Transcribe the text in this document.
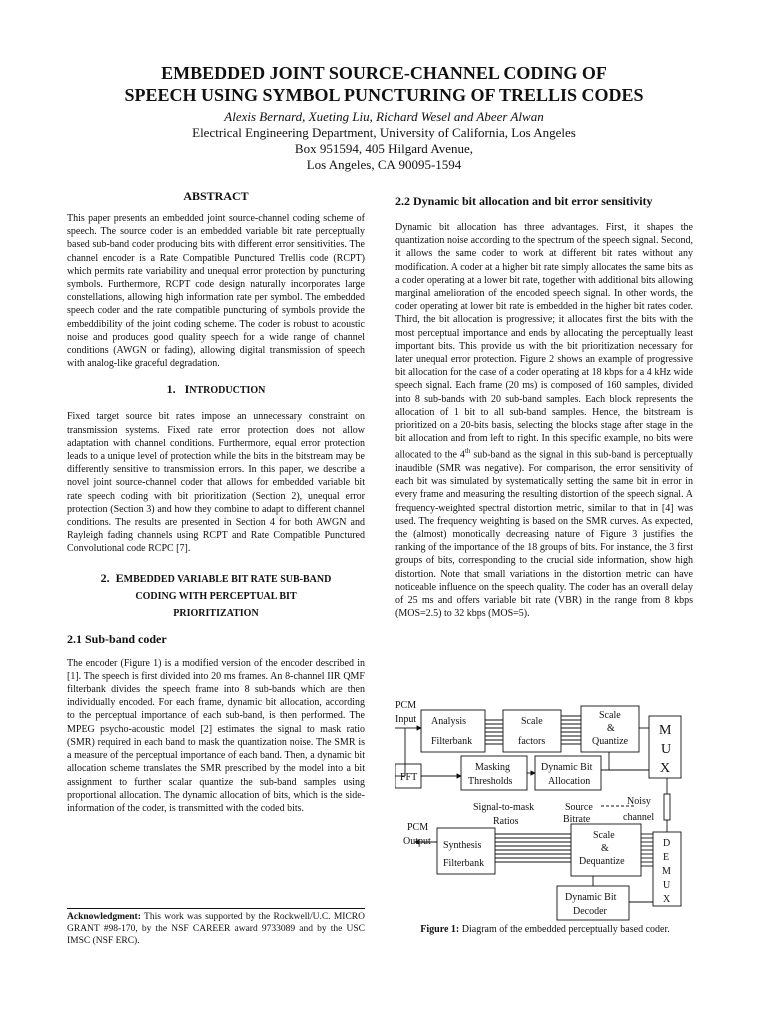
EMBEDDED JOINT SOURCE-CHANNEL CODING OF
SPEECH USING SYMBOL PUNCTURING OF TRELLIS CODES
Alexis Bernard, Xueting Liu, Richard Wesel and Abeer Alwan
Electrical Engineering Department, University of California, Los Angeles
Box 951594, 405 Hilgard Avenue,
Los Angeles, CA 90095-1594
ABSTRACT

This paper presents an embedded joint source-channel coding scheme of speech. The source coder is an embedded variable bit rate perceptually based sub-band coder producing bits with different error sensitivities. The channel encoder is a Rate Compatible Punctured Trellis code (RCPT) which permits rate variability and unequal error protection by puncturing symbols. Furthermore, RCPT code design naturally incorporates large constellations, allowing high information rate per symbol. The embedded speech coder and the rate compatible puncturing of symbols provide the embeddibility of the joint coding scheme. The coder is robust to acoustic noise and produces good quality speech for a wide range of channel conditions (AWGN or fading), allowing digital transmission of speech with analog-like graceful degradation.

1. INTRODUCTION

Fixed target source bit rates impose an unnecessary constraint on transmission systems. Fixed rate error protection does not allow adaptation with channel conditions. Furthermore, equal error protection leads to a unique level of protection while the bits in the bitstream may be differently sensitive to transmission errors. In this paper, we describe a novel joint source-channel coder that allows for embedded variable bit rate speech coding with bit prioritization (Section 2), unequal error protection (Section 3) and how they combine to adapt to different channel conditions. The results are presented in Section 4 for both AWGN and Rayleigh fading channels using RCPT and Rate Compatible Punctured Convolutional code RCPC [7].

2. EMBEDDED VARIABLE BIT RATE SUB-BAND
CODING WITH PERCEPTUAL BIT
PRIORITIZATION
2.1 Sub-band coder

The encoder (Figure 1) is a modified version of the encoder described in [1]. The speech is first divided into 20 ms frames. An 8-channel IIR QMF filterbank divides the speech frame into 8 sub-bands which are then individually encoded. For each frame, dynamic bit allocation, according to the perceptual importance of each sub-band, is then performed. The MPEG psycho-acoustic model [2] estimates the signal to mask ratio (SMR) required in each band to mask the quantization noise. The SMR is a measure of the perceptual importance of each band. Then, a dynamic bit allocation scheme translates the SMR prescribed by the model into a bit assignment to further scalar quantize the sub-band samples using proportional allocation. The dynamic allocation of bits, which is the side-information of the coder, is transmitted with the coded bits.

Acknowledgment: This work was supported by the Rockwell/U.C. MICRO GRANT #98-170, by the NSF CAREER award 9733089 and by the USC IMSC (NSF ERC).
2.2 Dynamic bit allocation and bit error sensitivity

Dynamic bit allocation has three advantages. First, it shapes the quantization noise according to the spectrum of the speech signal. Second, it allows the same coder to work at different bit rates without any modification. A coder at a higher bit rate simply allocates the same bits as a coder operating at a lower bit rate, together with additional bits allowing marginal amelioration of the encoded speech signal. In other words, the coder operating at lower bit rate is embedded in the higher bit rates coder. Third, the bit allocation is progressive; it allocates first the bits with the most perceptual importance and ends by allocating the perceptually least important bits. This provide us with the bit prioritization necessary for later unequal error protection. Figure 2 shows an example of progressive bit allocation for the case of a coder operating at 18 kbps for a 4 kHz wide speech signal. Each frame (20 ms) is composed of 160 samples, divided into 8 sub-bands with 20 sub-band samples. Each block represents the allocation of 1 bit to all sub-band samples. Hence, the bitstream is prioritized on a 20-bits basis, selecting the blocks stage after stage in the bit allocation and from left to right. In this specific example, no bits were allocated to the 4th sub-band as the signal in this sub-band is perceptually inaudible (SMR was negative). For comparison, the error sensitivity of each bit was simulated by systematically setting the same bit in error in every frame and measuring the resulting distortion of the speech signal. A frequency-weighted spectral distortion metric, similar to that in [4] was used. The frequency weighting is based on the SMR curves. As expected, the (almost) monotically decreasing nature of Figure 3 justifies the ranking of the importance of the 18 groups of bits. For instance, the 3 first groups of bits, corresponding to the crucial side information, show high distortion. Note that small variations in the distortion metric can have noticeable influence on the speech quality. The coder has an overall delay of 25 ms and offers variable bit rate (VBR) in the range from 8 kbps (MOS=2.5) to 32 kbps (MOS=5).

PCM
Input Analysis
Filterbank
Scale
factors
Scale
&
Quantize
M
U
X
FFT
Masking
Thresholds
Dynamic Bit
Allocation
Signal-to-mask
Ratios
Source
Bitrate
Noisy
channel
PCM
Output Synthesis
Filterbank
Scale
&
Dequantize
D
E
M
U
X
Dynamic Bit
Decoder
Figure 1: Diagram of the embedded perceptually based coder.
